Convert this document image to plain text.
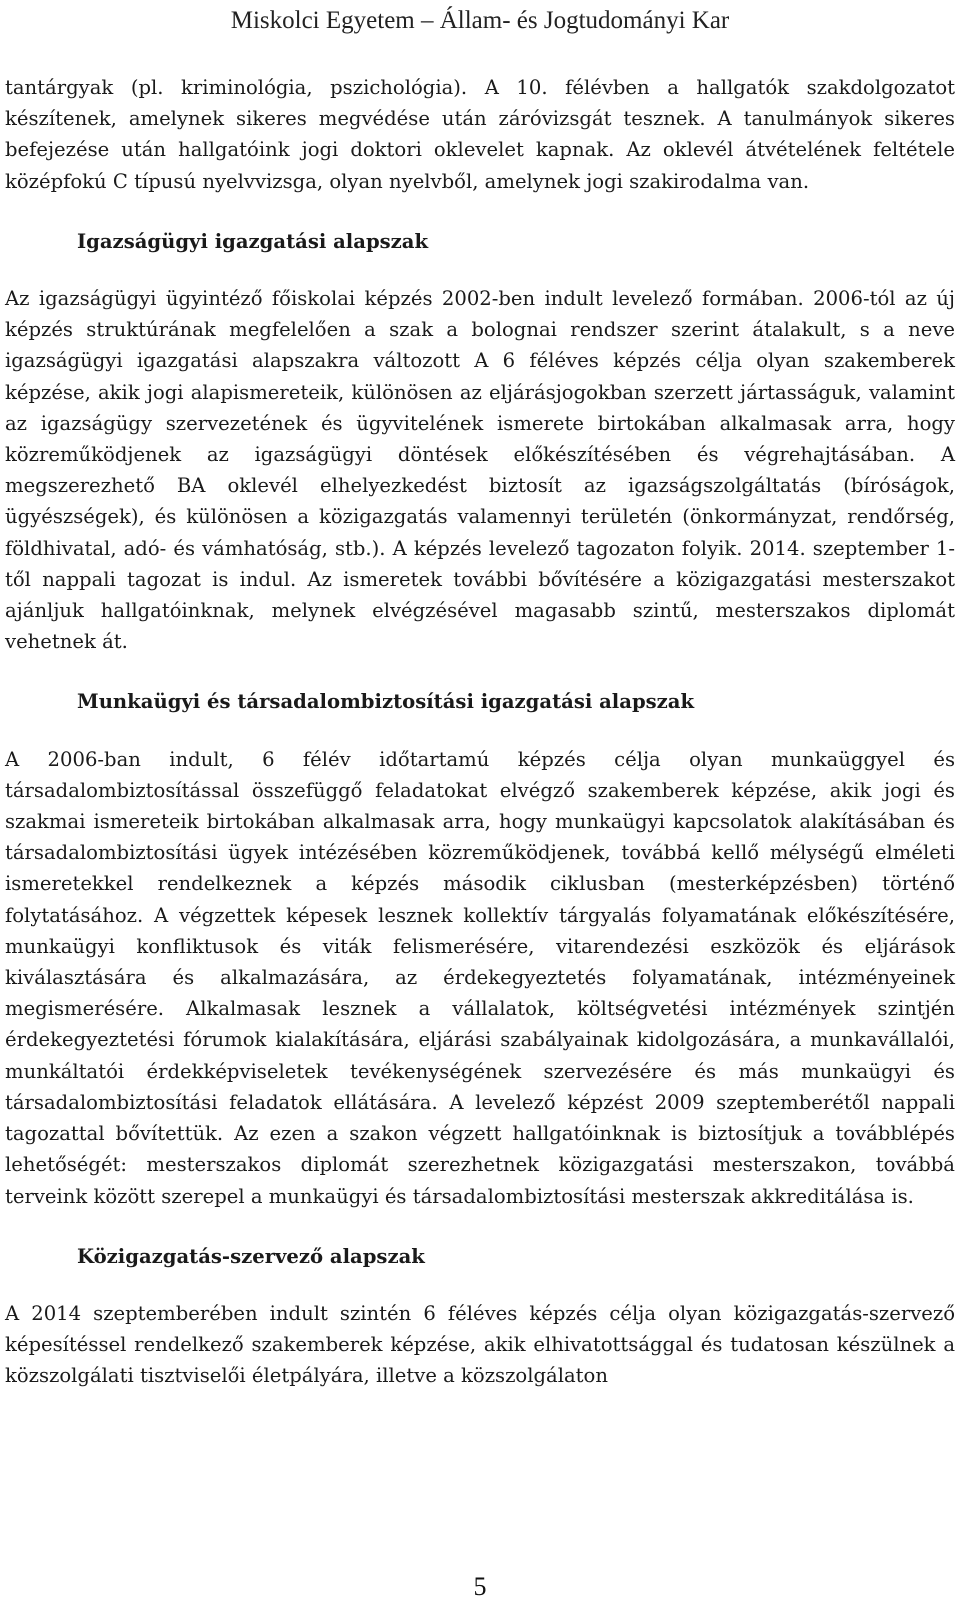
Miskolci Egyetem – Állam- és Jogtudományi Kar

tantárgyak (pl. kriminológia, pszichológia). A 10. félévben a hallgatók szakdolgozatot készítenek, amelynek sikeres megvédése után záróvizsgát tesznek. A tanulmányok sikeres befejezése után hallgatóink jogi doktori oklevelet kapnak. Az oklevél átvételének feltétele középfokú C típusú nyelvvizsga, olyan nyelvből, amelynek jogi szakirodalma van.

Igazságügyi igazgatási alapszak

Az igazságügyi ügyintéző főiskolai képzés 2002-ben indult levelező formában. 2006-tól az új képzés struktúrának megfelelően a szak a bolognai rendszer szerint átalakult, s a neve igazságügyi igazgatási alapszakra változott A 6 féléves képzés célja olyan szakemberek képzése, akik jogi alapismereteik, különösen az eljárásjogokban szerzett jártasságuk, valamint az igazságügy szervezetének és ügyvitelének ismerete birtokában alkalmasak arra, hogy közreműködjenek az igazságügyi döntések előkészítésében és végrehajtásában. A megszerezhető BA oklevél elhelyezkedést biztosít az igazságszolgáltatás (bíróságok, ügyészségek), és különösen a közigazgatás valamennyi területén (önkormányzat, rendőrség, földhivatal, adó- és vámhatóság, stb.). A képzés levelező tagozaton folyik. 2014. szeptember 1-től nappali tagozat is indul. Az ismeretek további bővítésére a közigazgatási mesterszakot ajánljuk hallgatóinknak, melynek elvégzésével magasabb szintű, mesterszakos diplomát vehetnek át.

Munkaügyi és társadalombiztosítási igazgatási alapszak

A 2006-ban indult, 6 félév időtartamú képzés célja olyan munkaüggyel és társadalombiztosítással összefüggő feladatokat elvégző szakemberek képzése, akik jogi és szakmai ismereteik birtokában alkalmasak arra, hogy munkaügyi kapcsolatok alakításában és társadalombiztosítási ügyek intézésében közreműködjenek, továbbá kellő mélységű elméleti ismeretekkel rendelkeznek a képzés második ciklusban (mesterképzésben) történő folytatásához. A végzettek képesek lesznek kollektív tárgyalás folyamatának előkészítésére, munkaügyi konfliktusok és viták felismerésére, vitarendezési eszközök és eljárások kiválasztására és alkalmazására, az érdekegyeztetés folyamatának, intézményeinek megismerésére. Alkalmasak lesznek a vállalatok, költségvetési intézmények szintjén érdekegyeztetési fórumok kialakítására, eljárási szabályainak kidolgozására, a munkavállalói, munkáltatói érdekképviseletek tevékenységének szervezésére és más munkaügyi és társadalombiztosítási feladatok ellátására. A levelező képzést 2009 szeptemberétől nappali tagozattal bővítettük. Az ezen a szakon végzett hallgatóinknak is biztosítjuk a továbblépés lehetőségét: mesterszakos diplomát szerezhetnek közigazgatási mesterszakon, továbbá terveink között szerepel a munkaügyi és társadalombiztosítási mesterszak akkreditálása is.

Közigazgatás-szervező alapszak

A 2014 szeptemberében indult szintén 6 féléves képzés célja olyan közigazgatás-szervező képesítéssel rendelkező szakemberek képzése, akik elhivatottsággal és tudatosan készülnek a közszolgálati tisztviselői életpályára, illetve a közszolgálaton

5
